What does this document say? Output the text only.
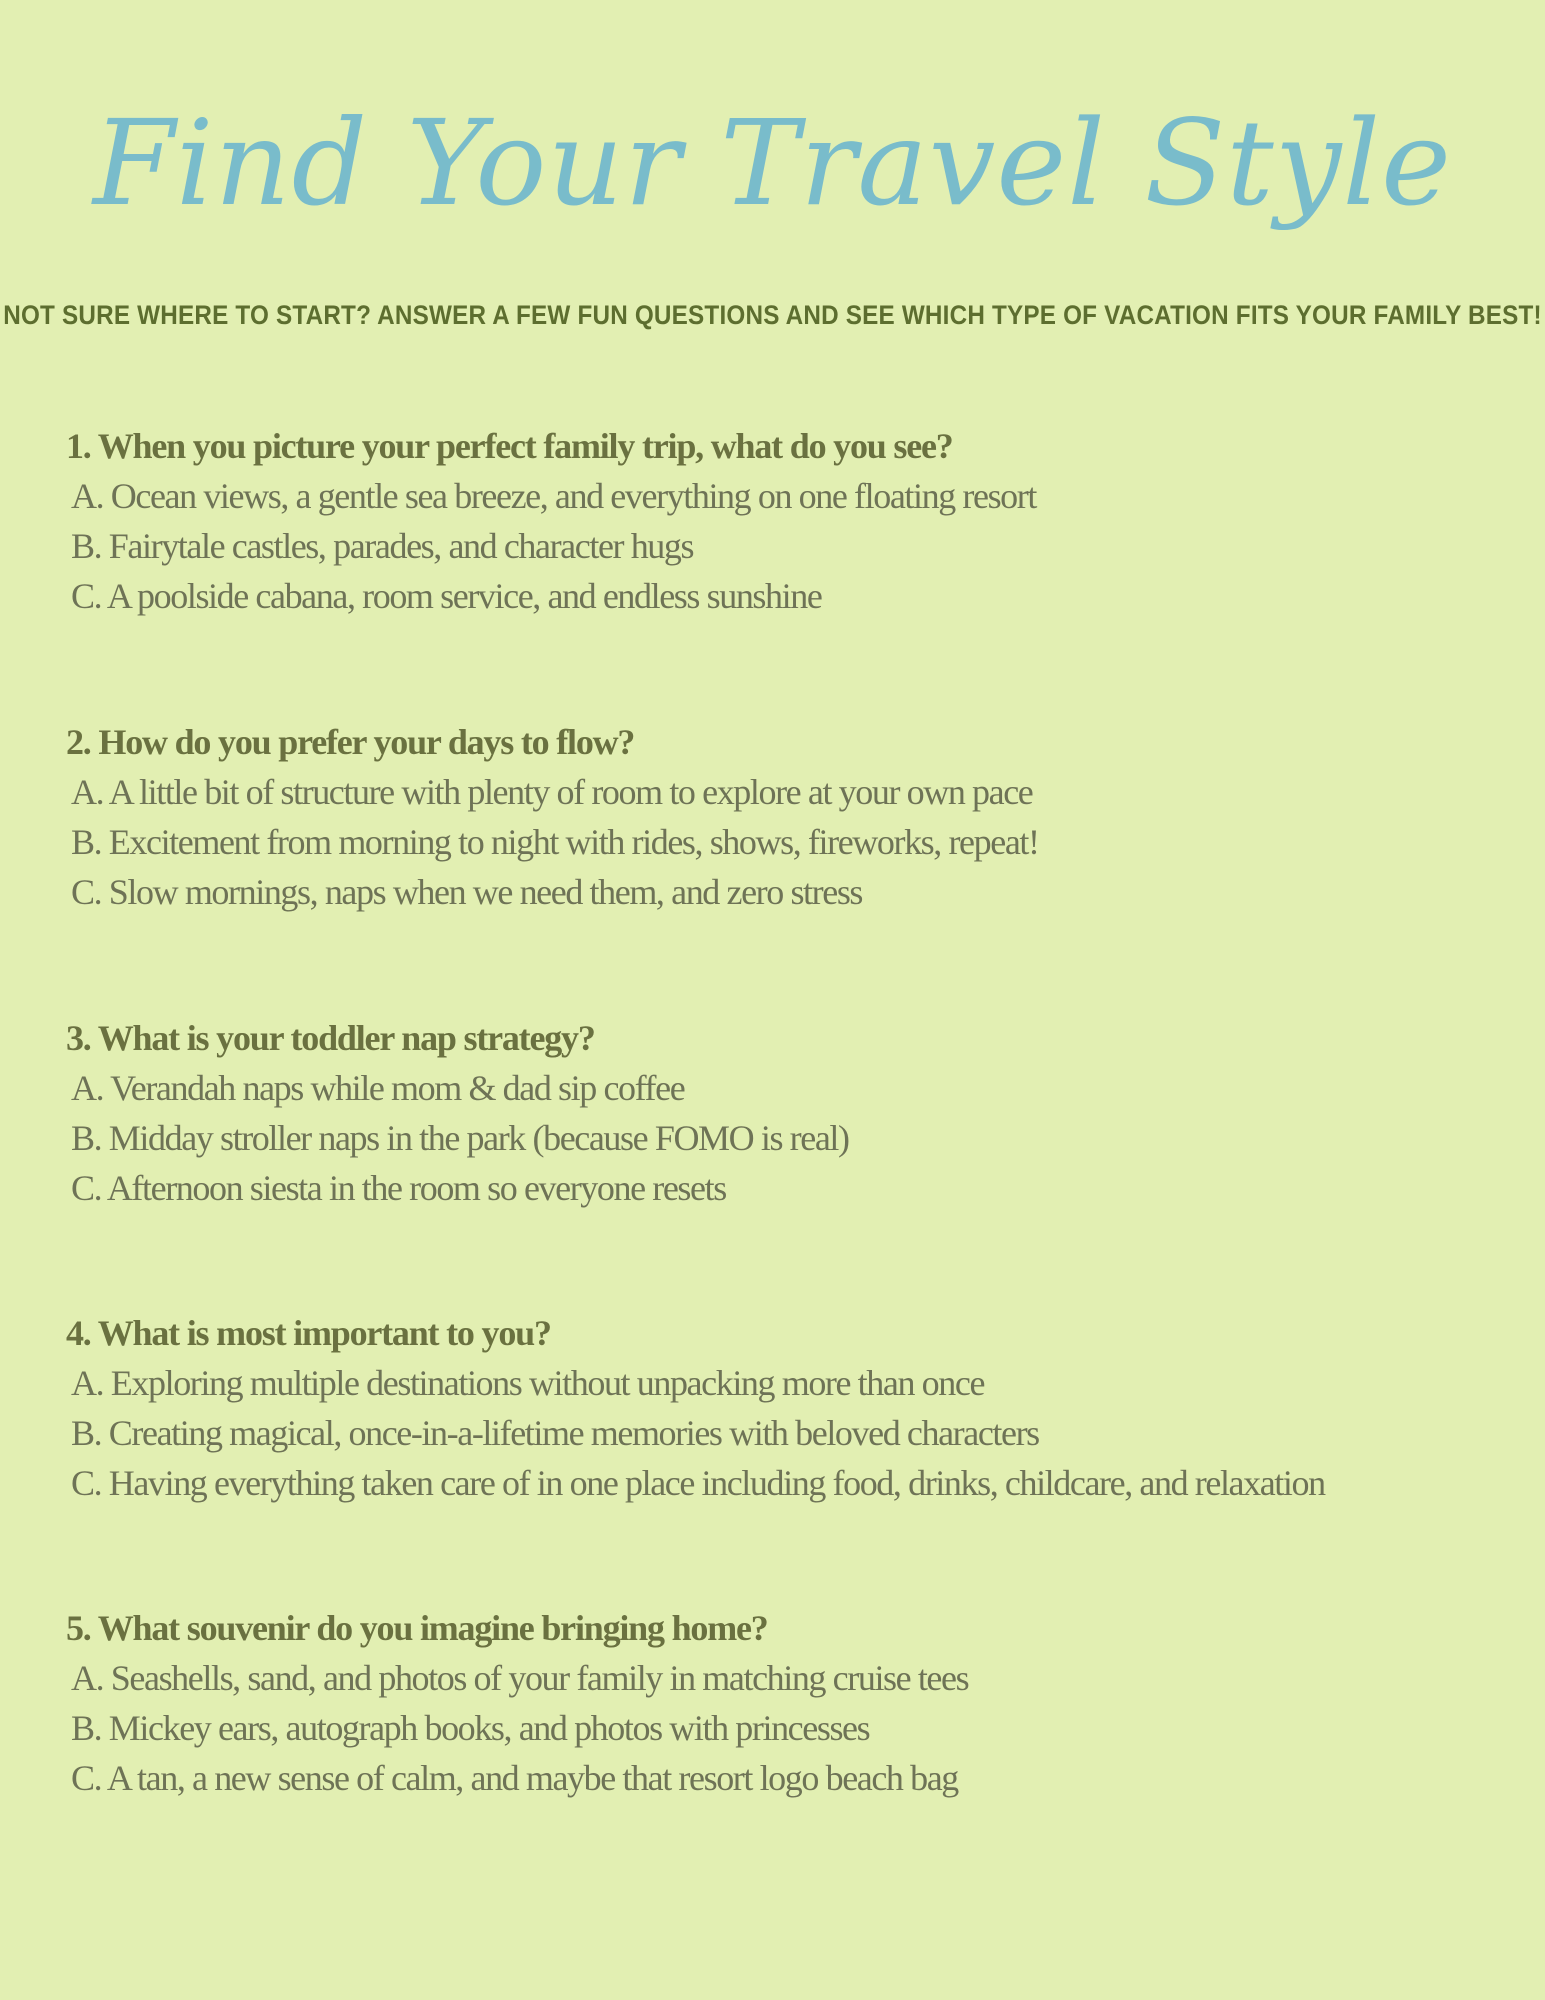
Find Your Travel Style

NOT SURE WHERE TO START? ANSWER A FEW FUN QUESTIONS AND SEE WHICH TYPE OF VACATION FITS YOUR FAMILY BEST!

1. When you picture your perfect family trip, what do you see?

A. Ocean views, a gentle sea breeze, and everything on one floating resort

B. Fairytale castles, parades, and character hugs

C. A poolside cabana, room service, and endless sunshine

2. How do you prefer your days to flow?

A. A little bit of structure with plenty of room to explore at your own pace

B. Excitement from morning to night with rides, shows, fireworks, repeat!

C. Slow mornings, naps when we need them, and zero stress

3. What is your toddler nap strategy?

A. Verandah naps while mom & dad sip coffee

B. Midday stroller naps in the park (because FOMO is real)

C. Afternoon siesta in the room so everyone resets

4. What is most important to you?

A. Exploring multiple destinations without unpacking more than once

B. Creating magical, once-in-a-lifetime memories with beloved characters

C. Having everything taken care of in one place including food, drinks, childcare, and relaxation

5. What souvenir do you imagine bringing home?

A. Seashells, sand, and photos of your family in matching cruise tees

B. Mickey ears, autograph books, and photos with princesses

C. A tan, a new sense of calm, and maybe that resort logo beach bag
